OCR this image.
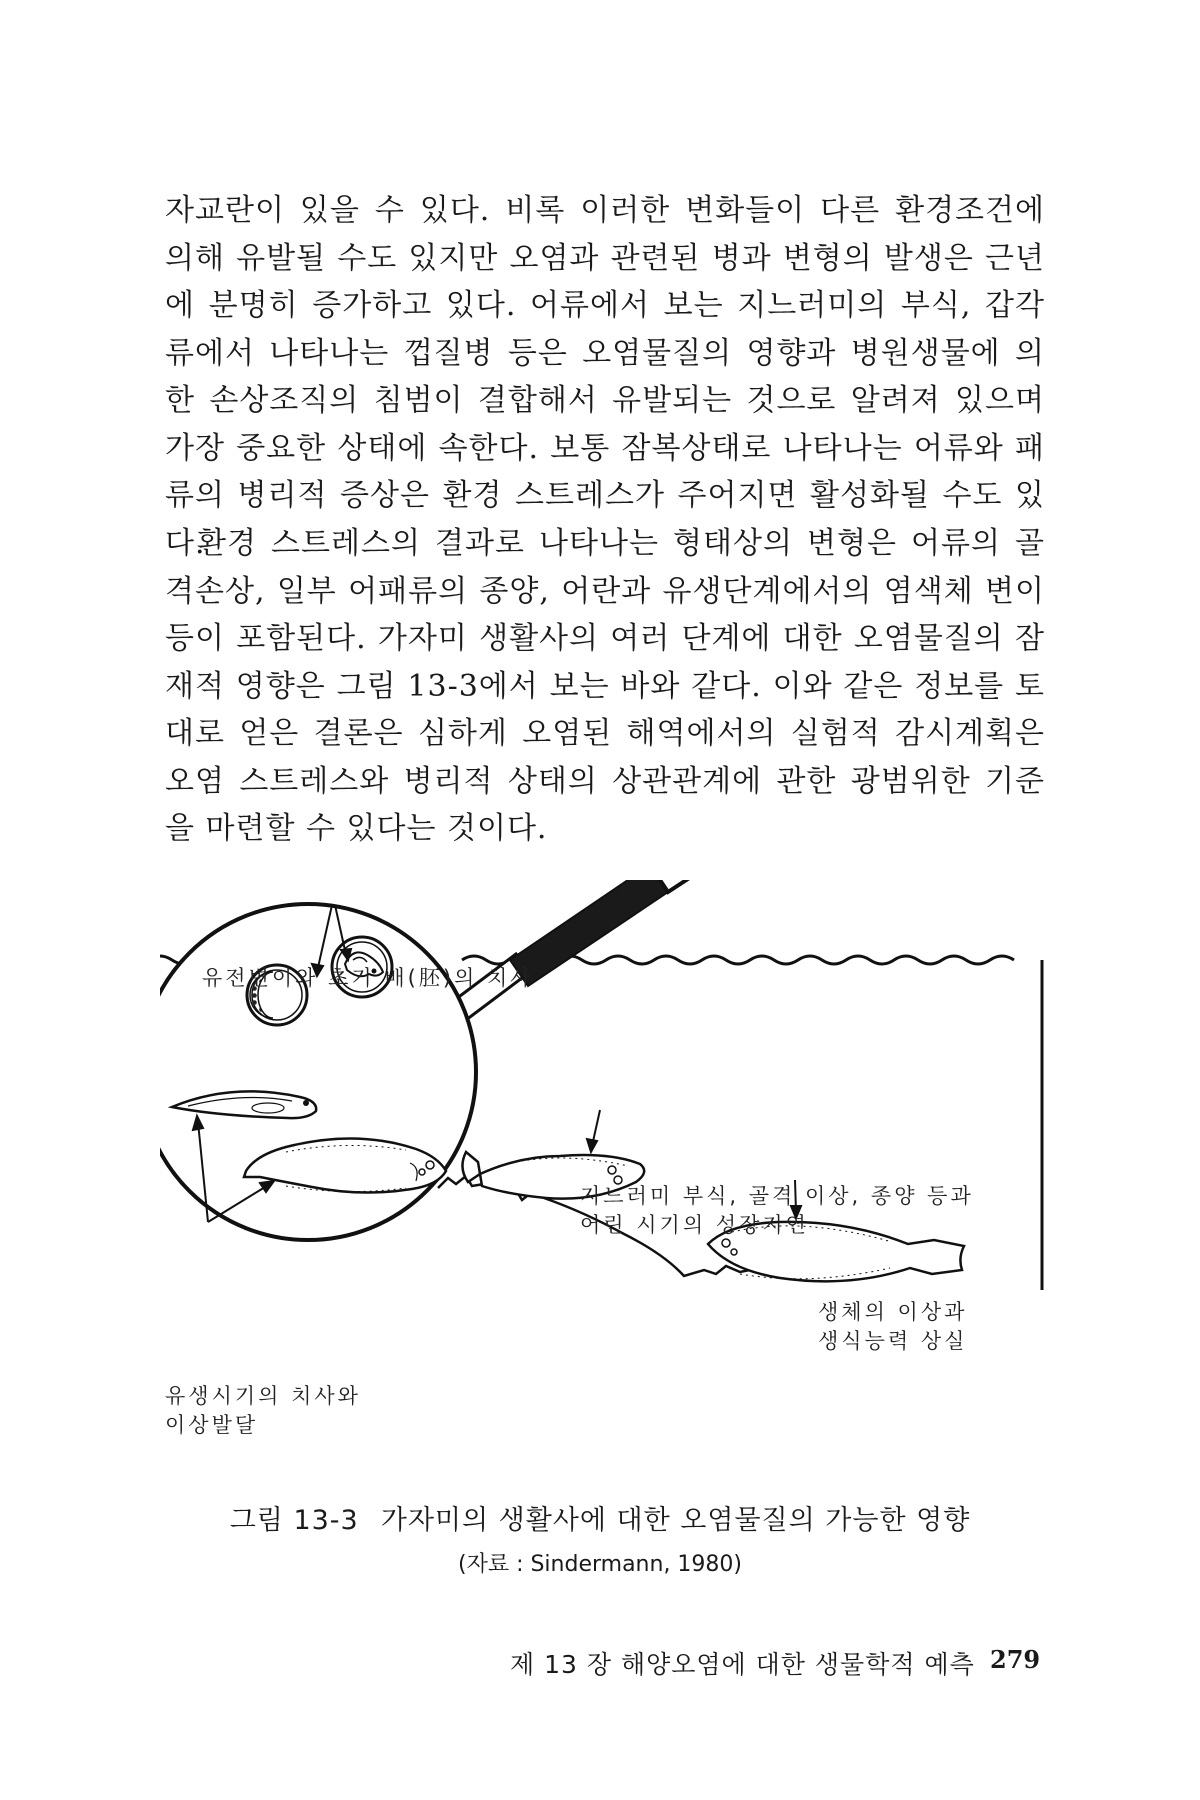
자교란이 있을 수 있다. 비록 이러한 변화들이 다른 환경조건에 의해 유발될 수도 있지만 오염과 관련된 병과 변형의 발생은 근년에 분명히 증가하고 있다. 어류에서 보는 지느러미의 부식, 갑각류에서 나타나는 껍질병 등은 오염물질의 영향과 병원생물에 의한 손상조직의 침범이 결합해서 유발되는 것으로 알려져 있으며 가장 중요한 상태에 속한다. 보통 잠복상태로 나타나는 어류와 패류의 병리적 증상은 환경 스트레스가 주어지면 활성화될 수도 있다.

환경 스트레스의 결과로 나타나는 형태상의 변형은 어류의 골격손상, 일부 어패류의 종양, 어란과 유생단계에서의 염색체 변이 등이 포함된다. 가자미 생활사의 여러 단계에 대한 오염물질의 잠재적 영향은 그림 13-3에서 보는 바와 같다. 이와 같은 정보를 토대로 얻은 결론은 심하게 오염된 해역에서의 실험적 감시계획은 오염 스트레스와 병리적 상태의 상관관계에 관한 광범위한 기준을 마련할 수 있다는 것이다.

유전변이와 초기 배(胚)의 치사
유생시기의 치사와
이상발달
지느러미 부식, 골격 이상, 종양 등과
어린 시기의 성장지연
생체의 이상과
생식능력 상실
그림 13-3 가자미의 생활사에 대한 오염물질의 가능한 영향
(자료 : Sindermann, 1980)
제 13 장 해양오염에 대한 생물학적 예측 279
